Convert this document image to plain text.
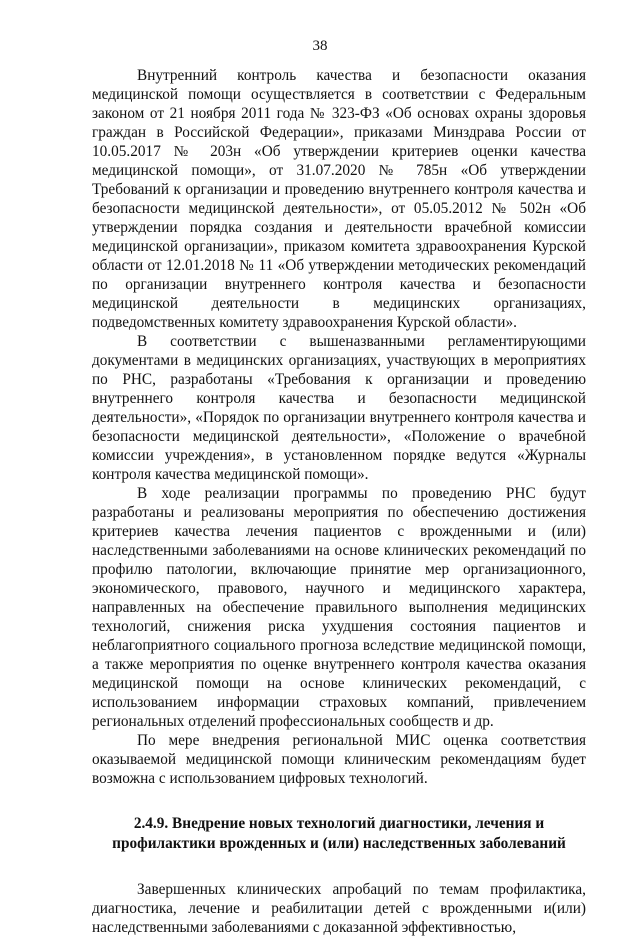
38

Внутренний контроль качества и безопасности оказания медицинской помощи осуществляется в соответствии с Федеральным законом от 21 ноября 2011 года № 323-ФЗ «Об основах охраны здоровья граждан в Российской Федерации», приказами Минздрава России от 10.05.2017 № 203н «Об утверждении критериев оценки качества медицинской помощи», от 31.07.2020 № 785н «Об утверждении Требований к организации и проведению внутреннего контроля качества и безопасности медицинской деятельности», от 05.05.2012 № 502н «Об утверждении порядка создания и деятельности врачебной комиссии медицинской организации», приказом комитета здравоохранения Курской области от 12.01.2018 № 11 «Об утверждении методических рекомендаций по организации внутреннего контроля качества и безопасности медицинской деятельности в медицинских организациях, подведомственных комитету здравоохранения Курской области».

В соответствии с вышеназванными регламентирующими документами в медицинских организациях, участвующих в мероприятиях по РНС, разработаны «Требования к организации и проведению внутреннего контроля качества и безопасности медицинской деятельности», «Порядок по организации внутреннего контроля качества и безопасности медицинской деятельности», «Положение о врачебной комиссии учреждения», в установленном порядке ведутся «Журналы контроля качества медицинской помощи».

В ходе реализации программы по проведению РНС будут разработаны и реализованы мероприятия по обеспечению достижения критериев качества лечения пациентов с врожденными и (или) наследственными заболеваниями на основе клинических рекомендаций по профилю патологии, включающие принятие мер организационного, экономического, правового, научного и медицинского характера, направленных на обеспечение правильного выполнения медицинских технологий, снижения риска ухудшения состояния пациентов и неблагоприятного социального прогноза вследствие медицинской помощи, а также мероприятия по оценке внутреннего контроля качества оказания медицинской помощи на основе клинических рекомендаций, с использованием информации страховых компаний, привлечением региональных отделений профессиональных сообществ и др.

По мере внедрения региональной МИС оценка соответствия оказываемой медицинской помощи клиническим рекомендациям будет возможна с использованием цифровых технологий.

2.4.9. Внедрение новых технологий диагностики, лечения и профилактики врожденных и (или) наследственных заболеваний

Завершенных клинических апробаций по темам профилактика, диагностика, лечение и реабилитации детей с врожденными и(или) наследственными заболеваниями с доказанной эффективностью,
